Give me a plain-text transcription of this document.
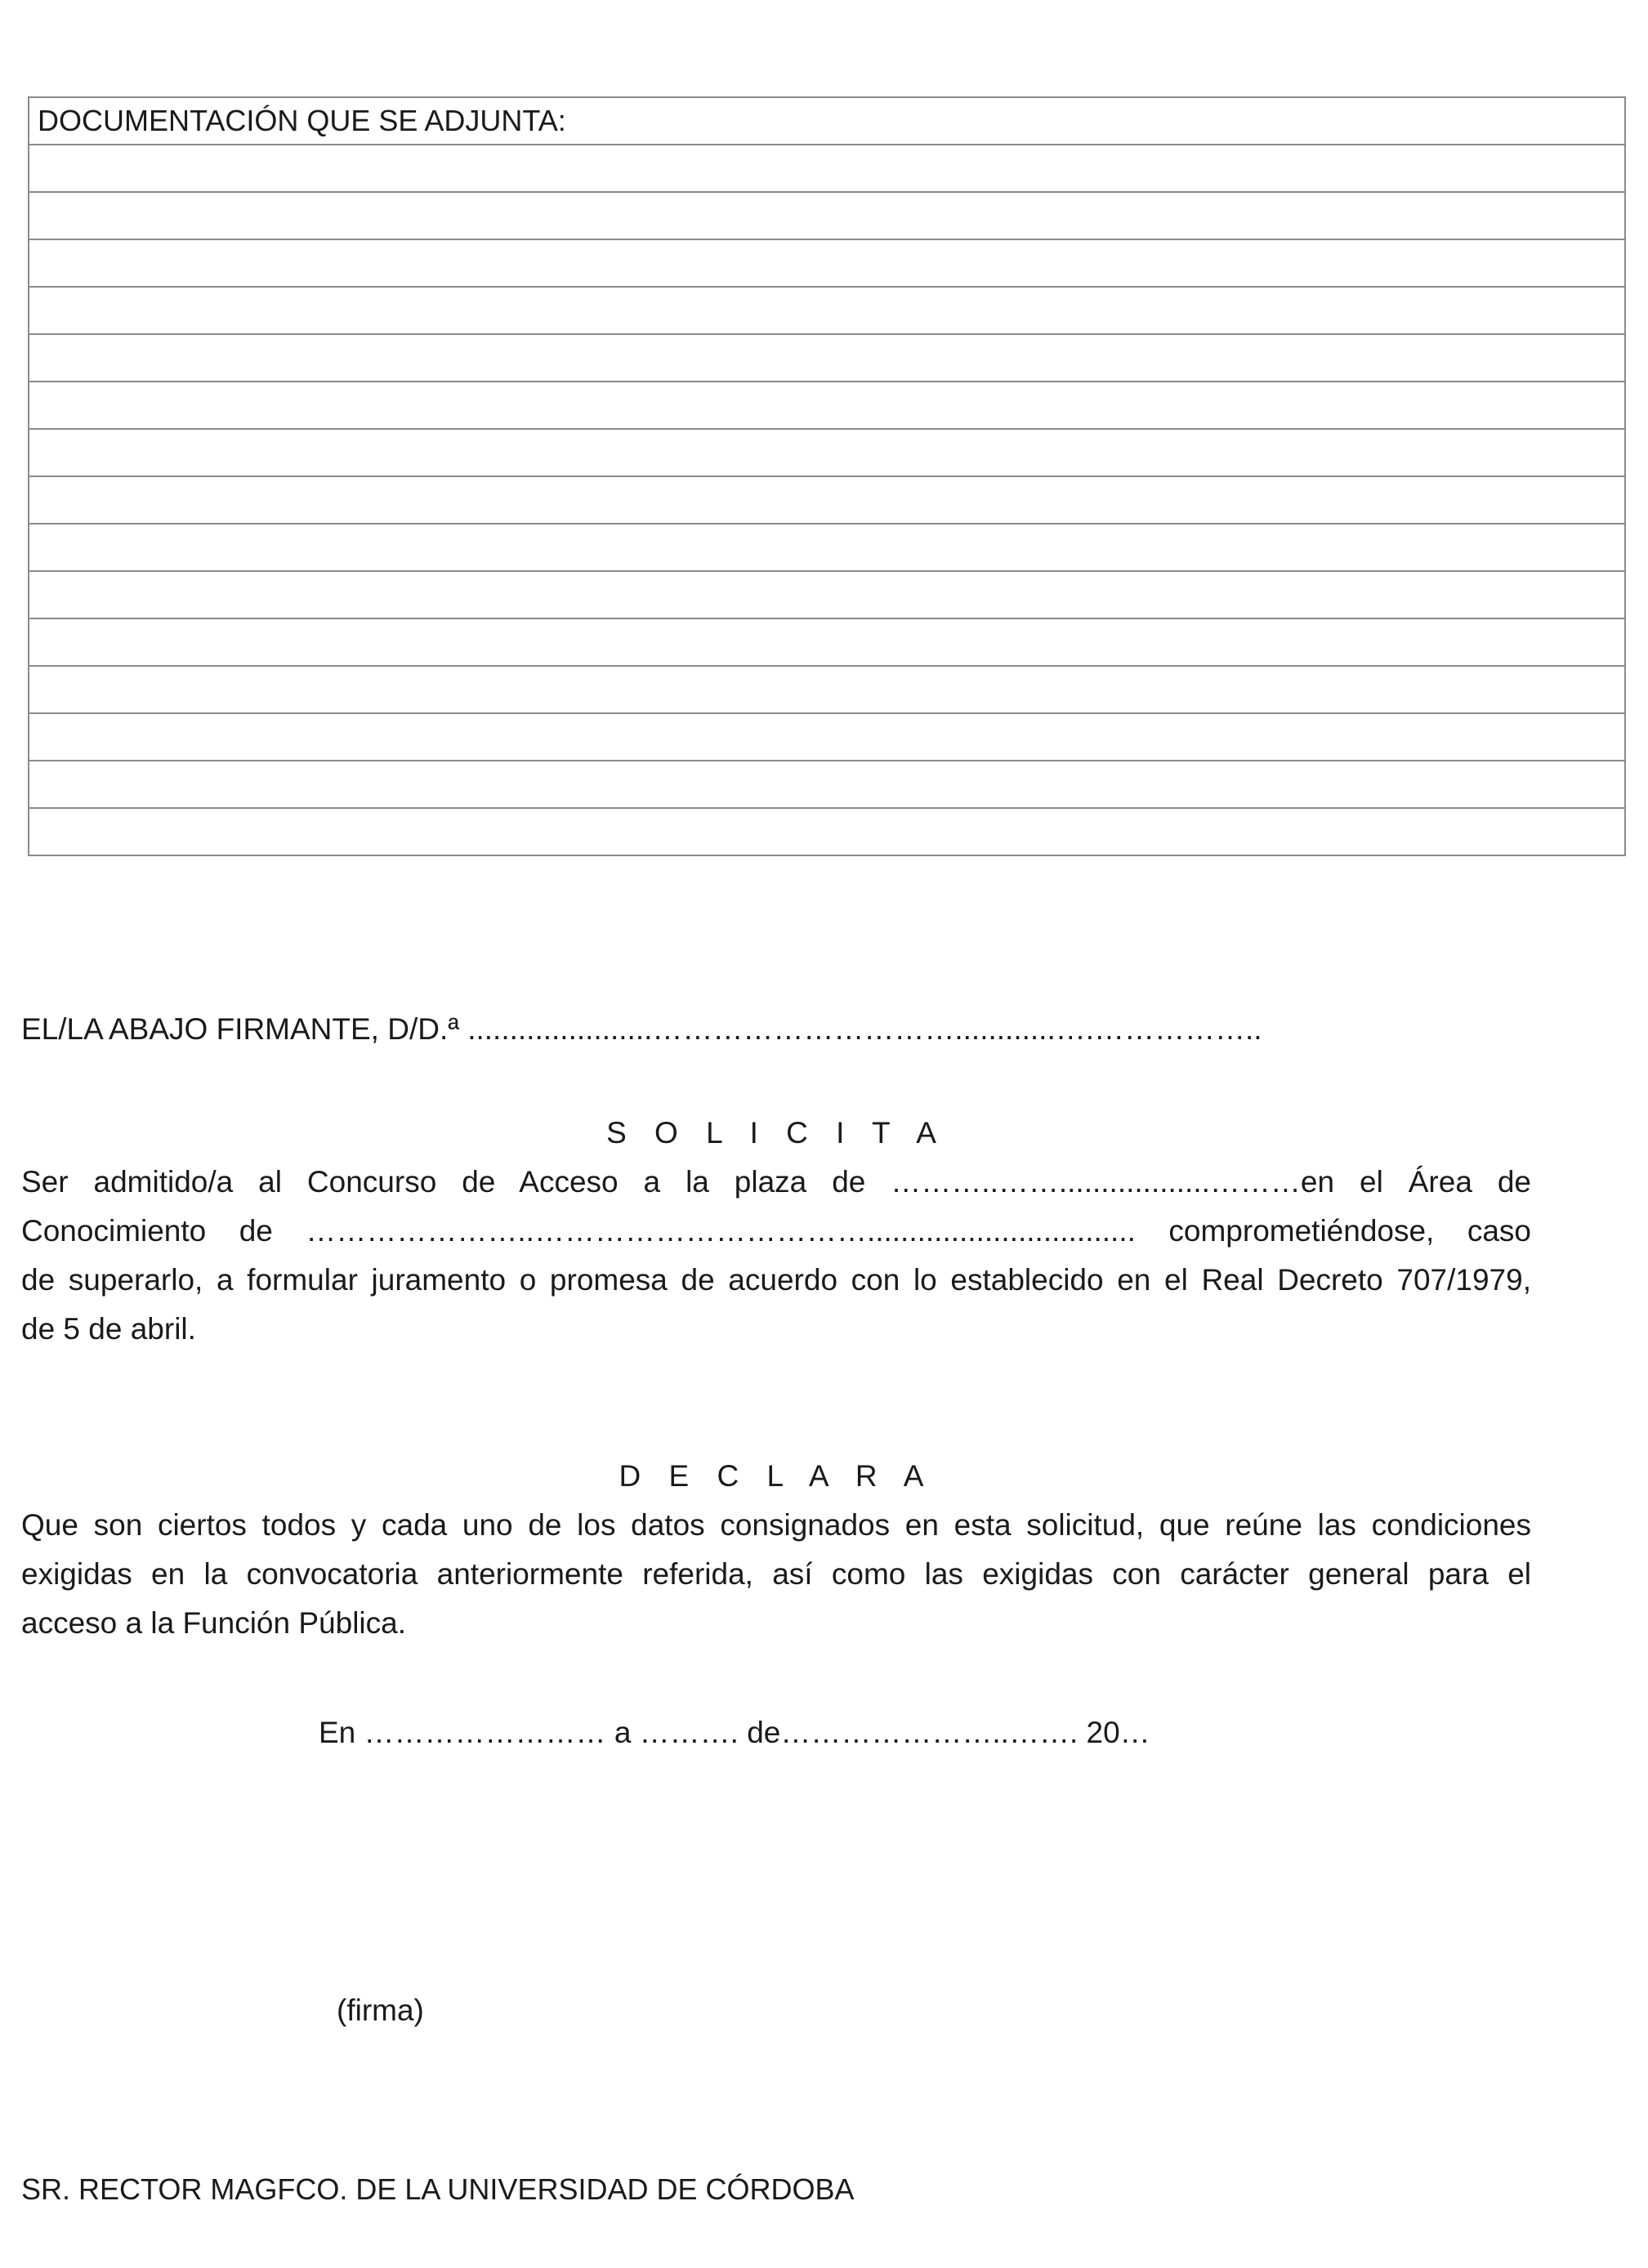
DOCUMENTACIÓN QUE SE ADJUNTA:

EL/LA ABAJO FIRMANTE, D/D.ª ......................…………………………............….……………..

S O L I C I T A

Ser admitido/a al Concurso de Acceso a la plaza de ………..……..................………en el Área de
Conocimiento de …………………..……………………………................................ comprometiéndose, caso
de superarlo, a formular juramento o promesa de acuerdo con lo establecido en el Real Decreto 707/1979,
de 5 de abril.

D E C L A R A

Que son ciertos todos y cada uno de los datos consignados en esta solicitud, que reúne las condiciones
exigidas en la convocatoria anteriormente referida, así como las exigidas con carácter general para el
acceso a la Función Pública.

En …………………… a ………. de…………………..……. 20…

(firma)

SR. RECTOR MAGFCO. DE LA UNIVERSIDAD DE CÓRDOBA
